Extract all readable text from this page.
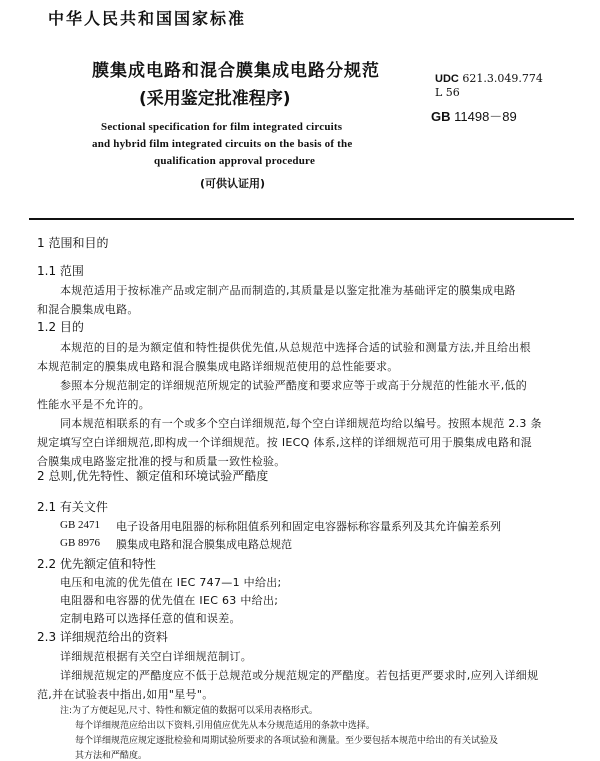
中华人民共和国国家标准
膜集成电路和混合膜集成电路分规范
(采用鉴定批准程序)
UDC 621.3.049.774
L 56
GB 11498－89
Sectional specification for film integrated circuits
and hybrid film integrated circuits on the basis of the
qualification approval procedure
(可供认证用)
1 范围和目的
1.1 范围
本规范适用于按标准产品或定制产品而制造的,其质量是以鉴定批准为基础评定的膜集成电路
和混合膜集成电路。
1.2 目的
本规范的目的是为额定值和特性提供优先值,从总规范中选择合适的试验和测量方法,并且给出根
本规范制定的膜集成电路和混合膜集成电路详细规范使用的总性能要求。
参照本分规范制定的详细规范所规定的试验严酷度和要求应等于或高于分规范的性能水平,低的
性能水平是不允许的。
同本规范相联系的有一个或多个空白详细规范,每个空白详细规范均给以编号。按照本规范 2.3 条
规定填写空白详细规范,即构成一个详细规范。按 IECQ 体系,这样的详细规范可用于膜集成电路和混
合膜集成电路鉴定批准的授与和质量一致性检验。
2 总则,优先特性、额定值和环境试验严酷度
2.1 有关文件
GB 2471 电子设备用电阻器的标称阻值系列和固定电容器标称容量系列及其允许偏差系列
GB 8976 膜集成电路和混合膜集成电路总规范
2.2 优先额定值和特性
电压和电流的优先值在 IEC 747—1 中给出;
电阻器和电容器的优先值在 IEC 63 中给出;
定制电路可以选择任意的值和误差。
2.3 详细规范给出的资料
详细规范根据有关空白详细规范制订。
详细规范规定的严酷度应不低于总规范或分规范规定的严酷度。若包括更严要求时,应列入详细规
范,并在试验表中指出,如用"星号"。
注:为了方便起见,尺寸、特性和额定值的数据可以采用表格形式。
每个详细规范应给出以下资料,引用值应优先从本分规范适用的条款中选择。
每个详细规范应规定逐批检验和周期试验所要求的各项试验和测量。至少要包括本规范中给出的有关试验及
其方法和严酷度。
